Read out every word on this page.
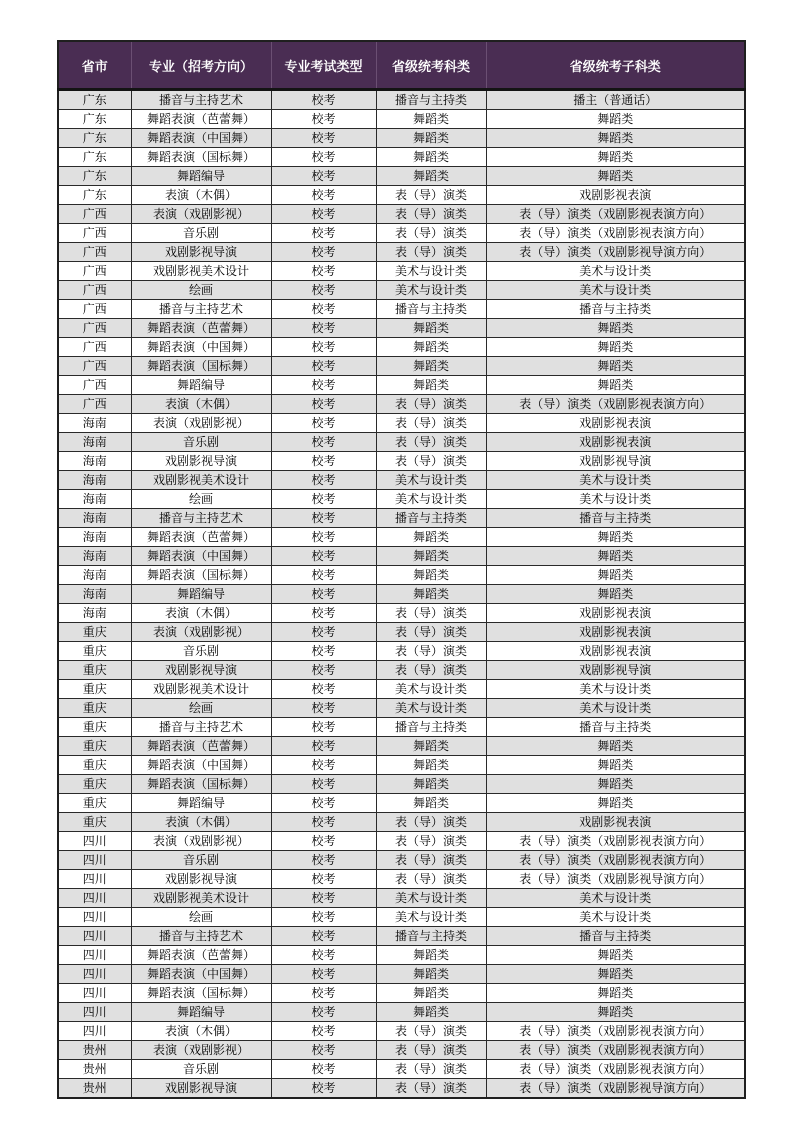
省市	专业（招考方向）	专业考试类型	省级统考科类	省级统考子科类
广东	播音与主持艺术	校考	播音与主持类	播主（普通话）
广东	舞蹈表演（芭蕾舞）	校考	舞蹈类	舞蹈类
广东	舞蹈表演（中国舞）	校考	舞蹈类	舞蹈类
广东	舞蹈表演（国标舞）	校考	舞蹈类	舞蹈类
广东	舞蹈编导	校考	舞蹈类	舞蹈类
广东	表演（木偶）	校考	表（导）演类	戏剧影视表演
广西	表演（戏剧影视）	校考	表（导）演类	表（导）演类（戏剧影视表演方向）
广西	音乐剧	校考	表（导）演类	表（导）演类（戏剧影视表演方向）
广西	戏剧影视导演	校考	表（导）演类	表（导）演类（戏剧影视导演方向）
广西	戏剧影视美术设计	校考	美术与设计类	美术与设计类
广西	绘画	校考	美术与设计类	美术与设计类
广西	播音与主持艺术	校考	播音与主持类	播音与主持类
广西	舞蹈表演（芭蕾舞）	校考	舞蹈类	舞蹈类
广西	舞蹈表演（中国舞）	校考	舞蹈类	舞蹈类
广西	舞蹈表演（国标舞）	校考	舞蹈类	舞蹈类
广西	舞蹈编导	校考	舞蹈类	舞蹈类
广西	表演（木偶）	校考	表（导）演类	表（导）演类（戏剧影视表演方向）
海南	表演（戏剧影视）	校考	表（导）演类	戏剧影视表演
海南	音乐剧	校考	表（导）演类	戏剧影视表演
海南	戏剧影视导演	校考	表（导）演类	戏剧影视导演
海南	戏剧影视美术设计	校考	美术与设计类	美术与设计类
海南	绘画	校考	美术与设计类	美术与设计类
海南	播音与主持艺术	校考	播音与主持类	播音与主持类
海南	舞蹈表演（芭蕾舞）	校考	舞蹈类	舞蹈类
海南	舞蹈表演（中国舞）	校考	舞蹈类	舞蹈类
海南	舞蹈表演（国标舞）	校考	舞蹈类	舞蹈类
海南	舞蹈编导	校考	舞蹈类	舞蹈类
海南	表演（木偶）	校考	表（导）演类	戏剧影视表演
重庆	表演（戏剧影视）	校考	表（导）演类	戏剧影视表演
重庆	音乐剧	校考	表（导）演类	戏剧影视表演
重庆	戏剧影视导演	校考	表（导）演类	戏剧影视导演
重庆	戏剧影视美术设计	校考	美术与设计类	美术与设计类
重庆	绘画	校考	美术与设计类	美术与设计类
重庆	播音与主持艺术	校考	播音与主持类	播音与主持类
重庆	舞蹈表演（芭蕾舞）	校考	舞蹈类	舞蹈类
重庆	舞蹈表演（中国舞）	校考	舞蹈类	舞蹈类
重庆	舞蹈表演（国标舞）	校考	舞蹈类	舞蹈类
重庆	舞蹈编导	校考	舞蹈类	舞蹈类
重庆	表演（木偶）	校考	表（导）演类	戏剧影视表演
四川	表演（戏剧影视）	校考	表（导）演类	表（导）演类（戏剧影视表演方向）
四川	音乐剧	校考	表（导）演类	表（导）演类（戏剧影视表演方向）
四川	戏剧影视导演	校考	表（导）演类	表（导）演类（戏剧影视导演方向）
四川	戏剧影视美术设计	校考	美术与设计类	美术与设计类
四川	绘画	校考	美术与设计类	美术与设计类
四川	播音与主持艺术	校考	播音与主持类	播音与主持类
四川	舞蹈表演（芭蕾舞）	校考	舞蹈类	舞蹈类
四川	舞蹈表演（中国舞）	校考	舞蹈类	舞蹈类
四川	舞蹈表演（国标舞）	校考	舞蹈类	舞蹈类
四川	舞蹈编导	校考	舞蹈类	舞蹈类
四川	表演（木偶）	校考	表（导）演类	表（导）演类（戏剧影视表演方向）
贵州	表演（戏剧影视）	校考	表（导）演类	表（导）演类（戏剧影视表演方向）
贵州	音乐剧	校考	表（导）演类	表（导）演类（戏剧影视表演方向）
贵州	戏剧影视导演	校考	表（导）演类	表（导）演类（戏剧影视导演方向）
